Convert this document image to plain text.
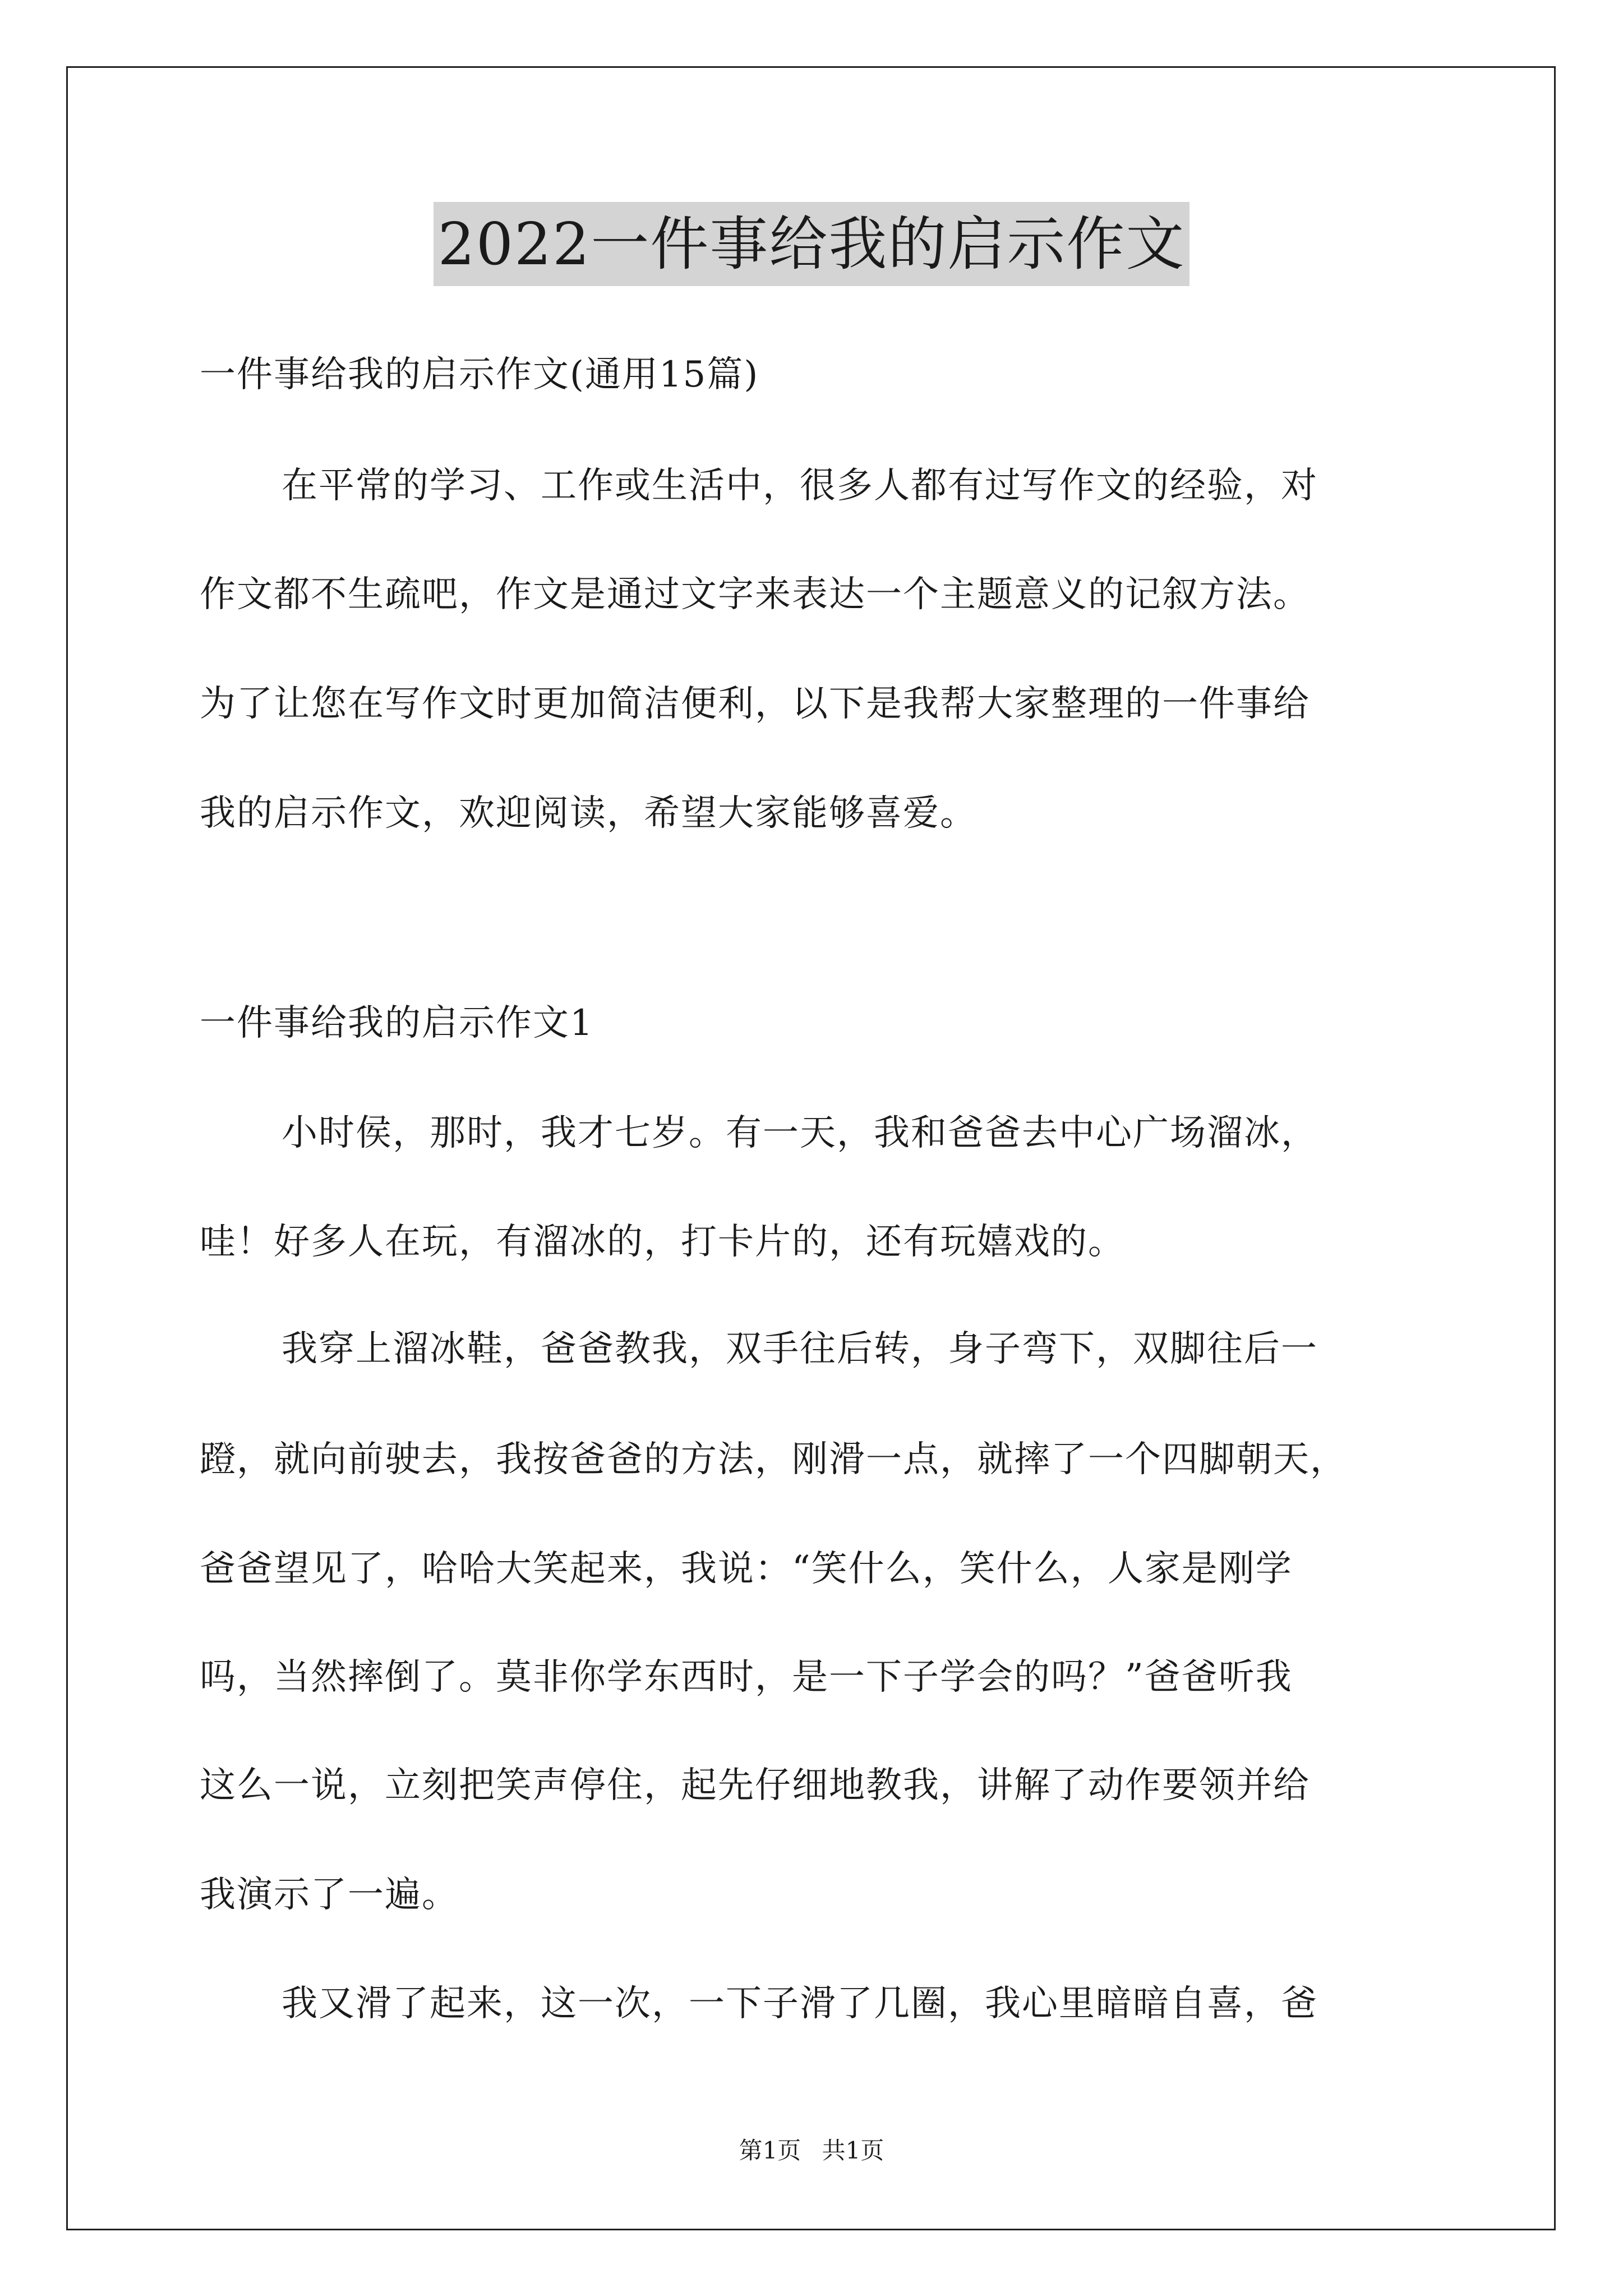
2022一件事给我的启示作文
一件事给我的启示作文(通用15篇)
在平常的学习、工作或生活中，很多人都有过写作文的经验，对
作文都不生疏吧，作文是通过文字来表达一个主题意义的记叙方法。
为了让您在写作文时更加简洁便利，以下是我帮大家整理的一件事给
我的启示作文，欢迎阅读，希望大家能够喜爱。
一件事给我的启示作文1
小时侯，那时，我才七岁。有一天，我和爸爸去中心广场溜冰，
哇！好多人在玩，有溜冰的，打卡片的，还有玩嬉戏的。
我穿上溜冰鞋，爸爸教我，双手往后转，身子弯下，双脚往后一
蹬，就向前驶去，我按爸爸的方法，刚滑一点，就摔了一个四脚朝天，
爸爸望见了，哈哈大笑起来，我说：“笑什么，笑什么，人家是刚学
吗，当然摔倒了。莫非你学东西时，是一下子学会的吗？”爸爸听我
这么一说，立刻把笑声停住，起先仔细地教我，讲解了动作要领并给
我演示了一遍。
我又滑了起来，这一次，一下子滑了几圈，我心里暗暗自喜，爸
第1页 共1页
